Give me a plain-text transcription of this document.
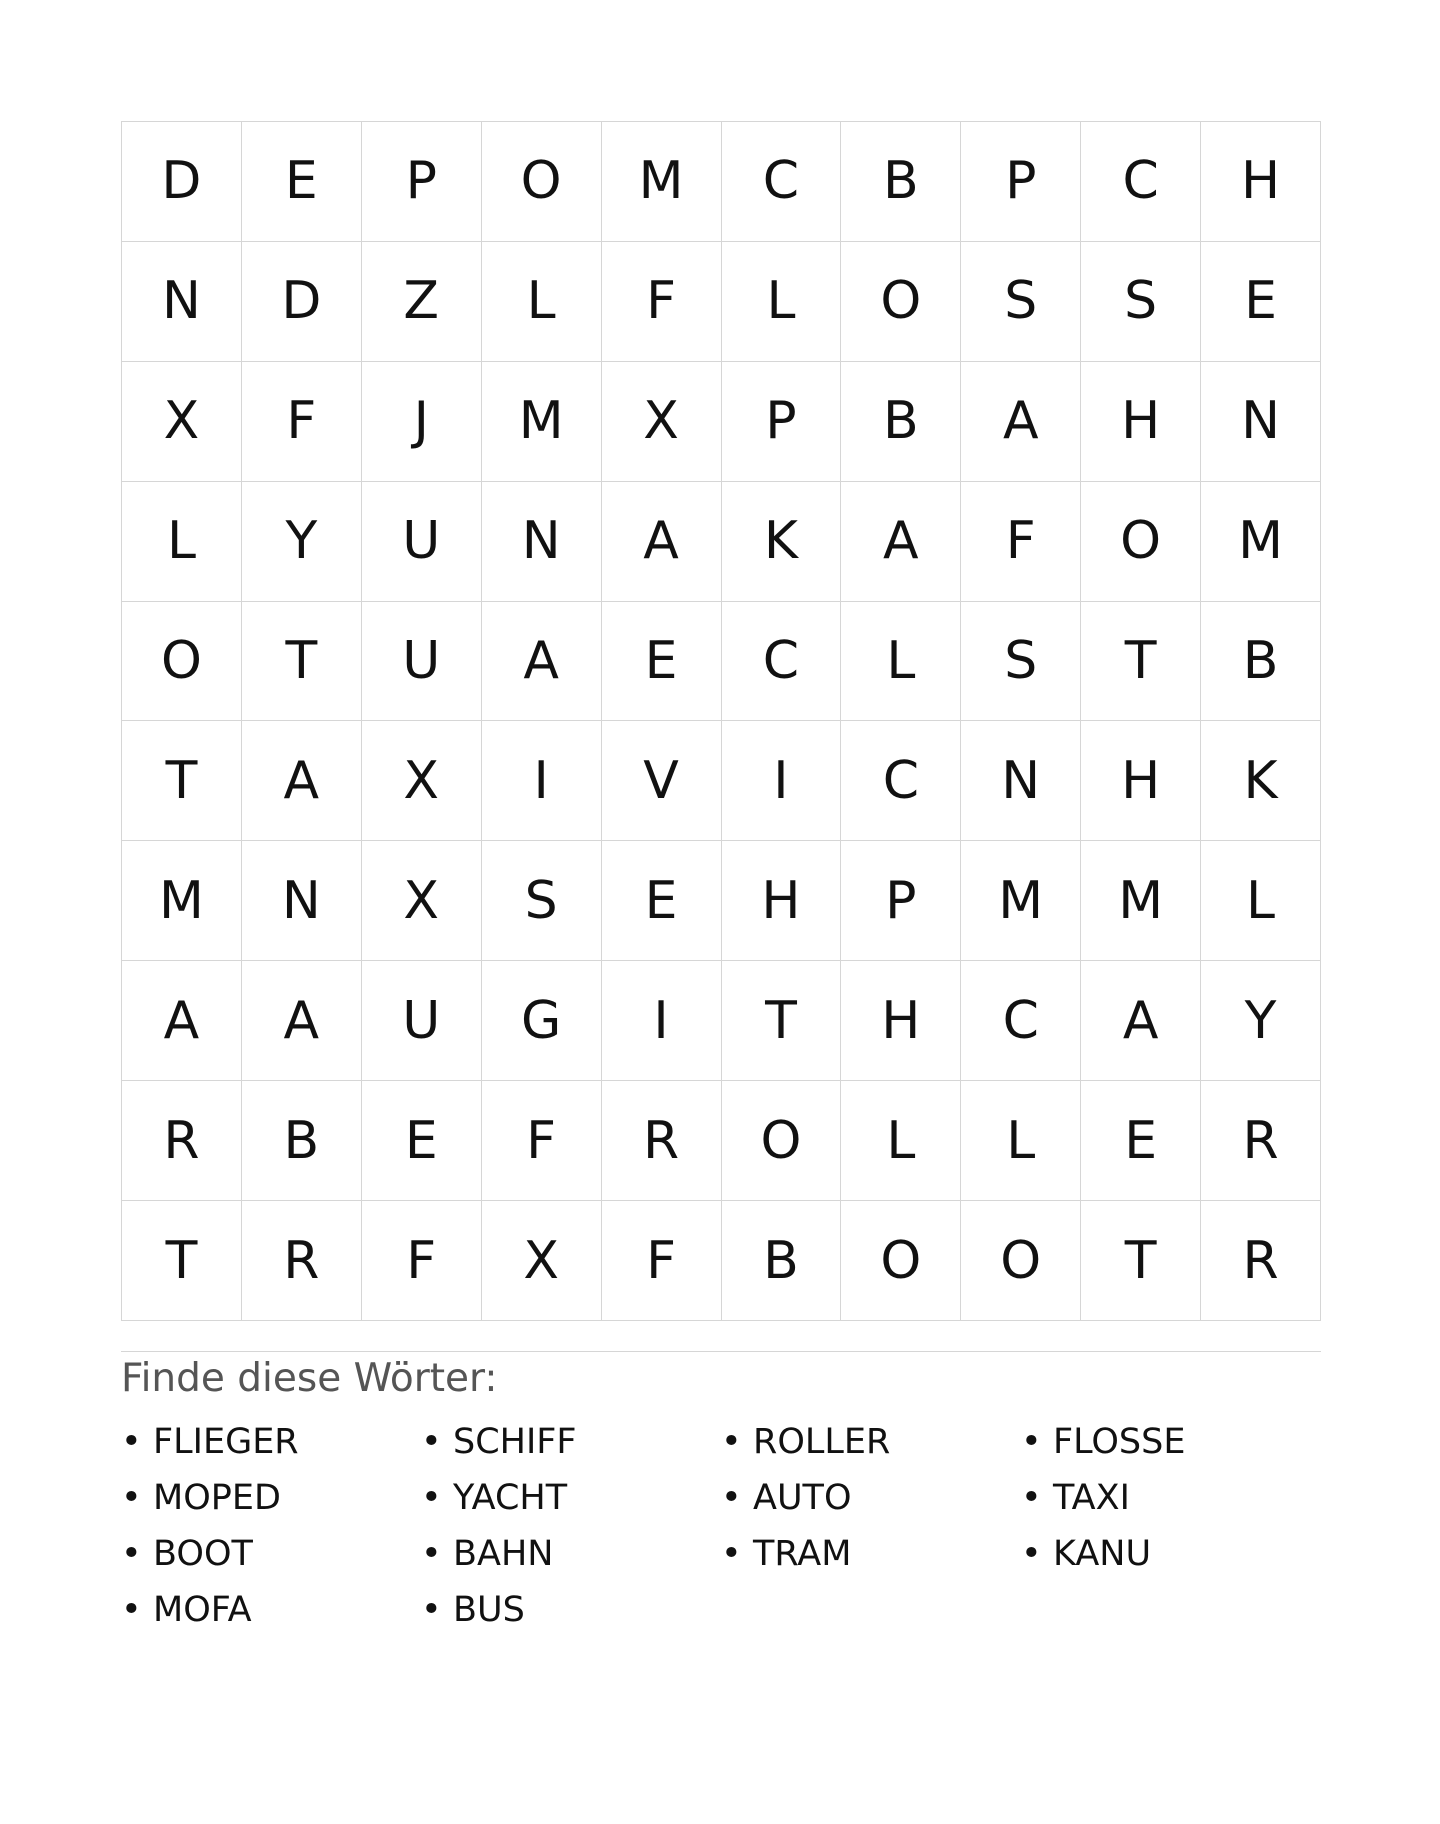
D	E	P	O	M	C	B	P	C	H
N	D	Z	L	F	L	O	S	S	E
X	F	J	M	X	P	B	A	H	N
L	Y	U	N	A	K	A	F	O	M
O	T	U	A	E	C	L	S	T	B
T	A	X	I	V	I	C	N	H	K
M	N	X	S	E	H	P	M	M	L
A	A	U	G	I	T	H	C	A	Y
R	B	E	F	R	O	L	L	E	R
T	R	F	X	F	B	O	O	T	R
Finde diese Wörter:
• FLIEGER	• SCHIFF	• ROLLER	• FLOSSE
• MOPED	• YACHT	• AUTO	• TAXI
• BOOT	• BAHN	• TRAM	• KANU
• MOFA	• BUS
